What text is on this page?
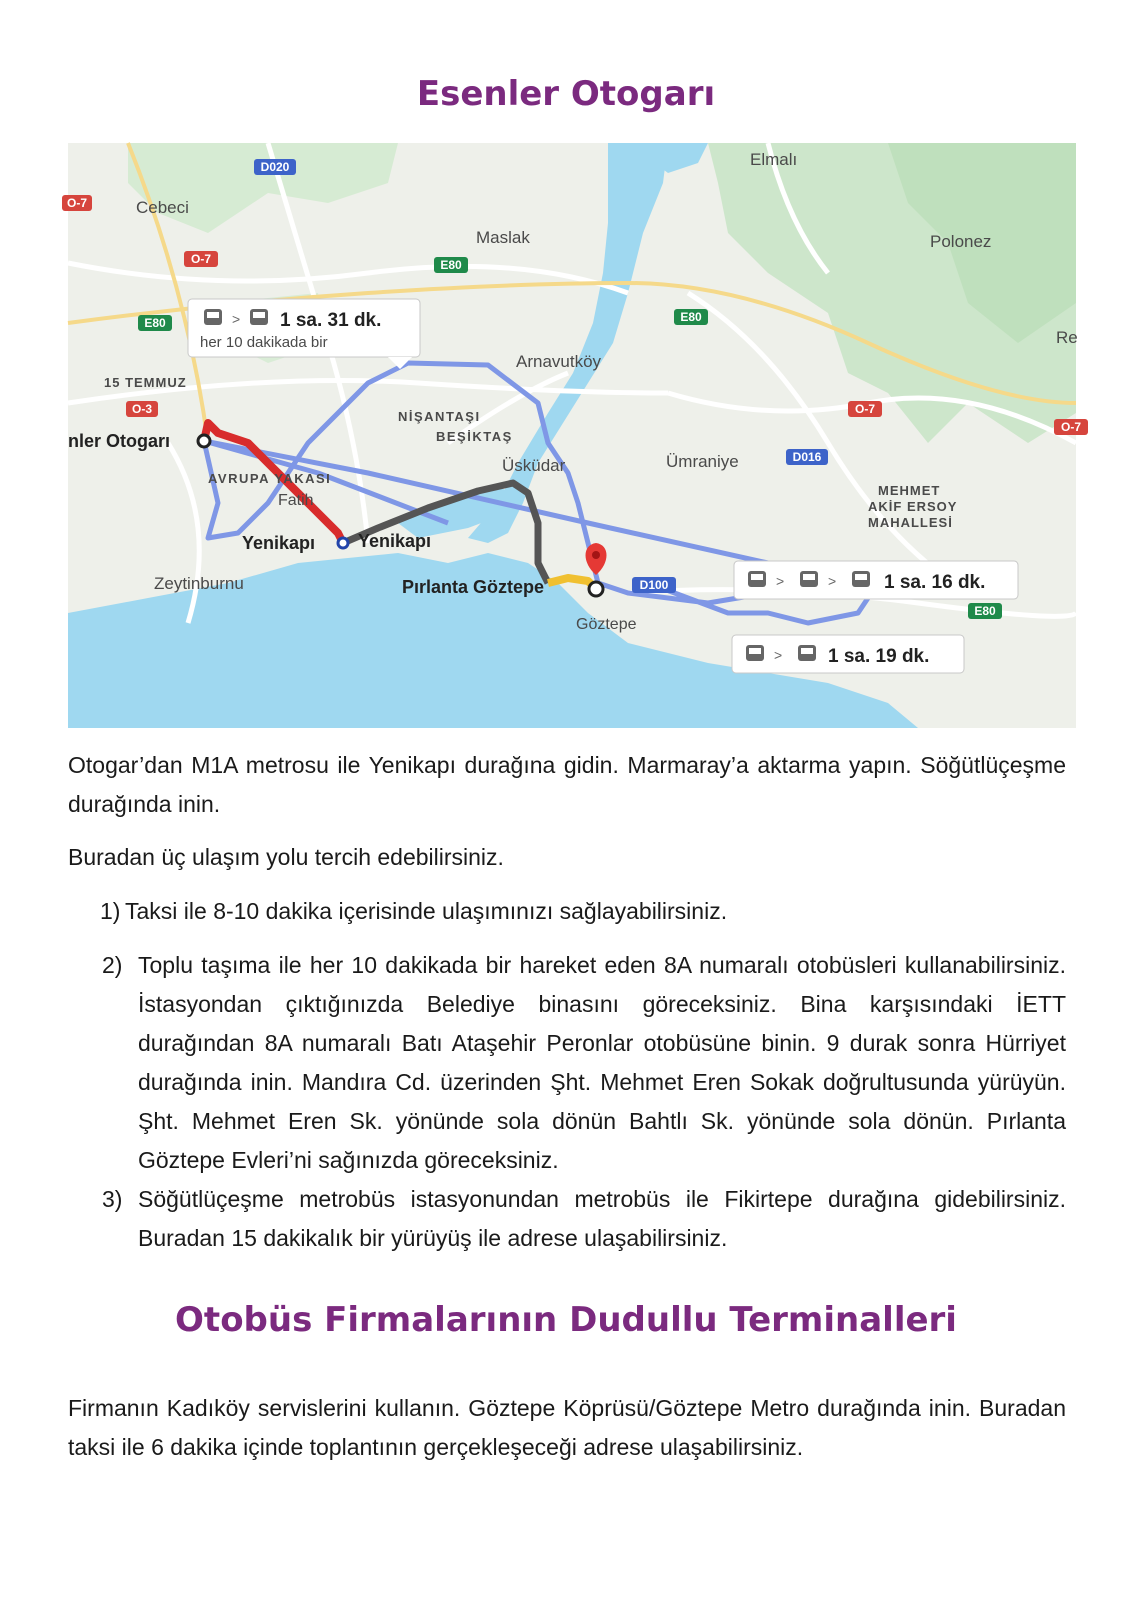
Esenler Otogarı
D020
O-7
O-7
E80
E80
E80
E80
O-3	O-7
O-7
D016
D100
Cebeci
Maslak
Elmalı
Polonez
Re
Arnavutköy
15 TEMMUZ
NİŞANTAŞI
BEŞİKTAŞ
Üsküdar	Ümraniye
MEHMET
AKİF ERSOY
MAHALLESİ
nler Otogarı
AVRUPA YAKASI
Fatih
Yenikapı Yenikapı
Zeytinburnu	Pırlanta Göztepe
Göztepe
> 1 sa. 31 dk.
her 10 dakikada bir
>	>	1 sa. 16 dk.
> 1 sa. 19 dk.

Otogar’dan M1A metrosu ile Yenikapı durağına gidin. Marmaray’a aktarma yapın. Söğütlüçeşme durağında inin.

Buradan üç ulaşım yolu tercih edebilirsiniz.

1) Taksi ile 8-10 dakika içerisinde ulaşımınızı sağlayabilirsiniz.
2) Toplu taşıma ile her 10 dakikada bir hareket eden 8A numaralı otobüsleri kullanabilirsiniz. İstasyondan çıktığınızda Belediye binasını göreceksiniz. Bina karşısındaki İETT durağından 8A numaralı Batı Ataşehir Peronlar otobüsüne binin. 9 durak sonra Hürriyet durağında inin. Mandıra Cd. üzerinden Şht. Mehmet Eren Sokak doğrultusunda yürüyün. Şht. Mehmet Eren Sk. yönünde sola dönün Bahtlı Sk. yönünde sola dönün. Pırlanta Göztepe Evleri’ni sağınızda göreceksiniz.
3) Söğütlüçeşme metrobüs istasyonundan metrobüs ile Fikirtepe durağına gidebilirsiniz. Buradan 15 dakikalık bir yürüyüş ile adrese ulaşabilirsiniz.
Otobüs Firmalarının Dudullu Terminalleri

Firmanın Kadıköy servislerini kullanın. Göztepe Köprüsü/Göztepe Metro durağında inin. Buradan taksi ile 6 dakika içinde toplantının gerçekleşeceği adrese ulaşabilirsiniz.
